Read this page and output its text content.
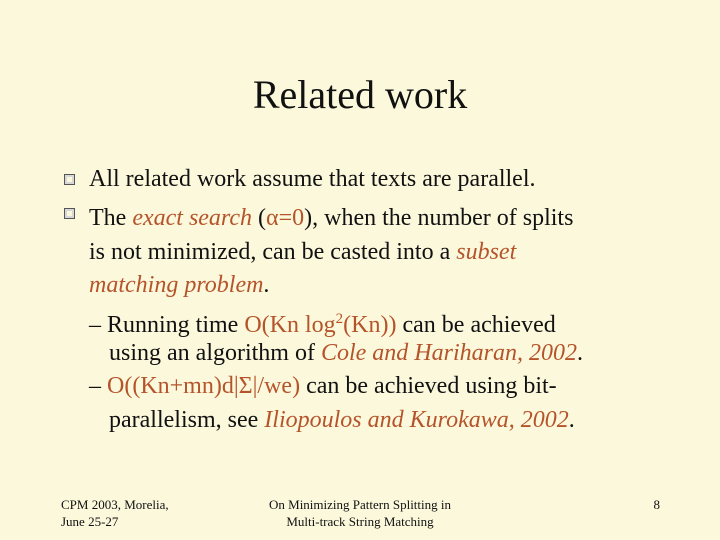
Related work
All related work assume that texts are parallel.
The exact search (α=0), when the number of splits
is not minimized, can be casted into a subset
matching problem.
– Running time O(Kn $\log^2(Kn)$) can be achieved
using an algorithm of Cole and Hariharan, 2002.
– O((Kn+mn)d|Σ|/we) can be achieved using bit-
parallelism, see Iliopoulos and Kurokawa, 2002.
CPM 2003, Morelia,
June 25-27
On Minimizing Pattern Splitting in
Multi-track String Matching
8
